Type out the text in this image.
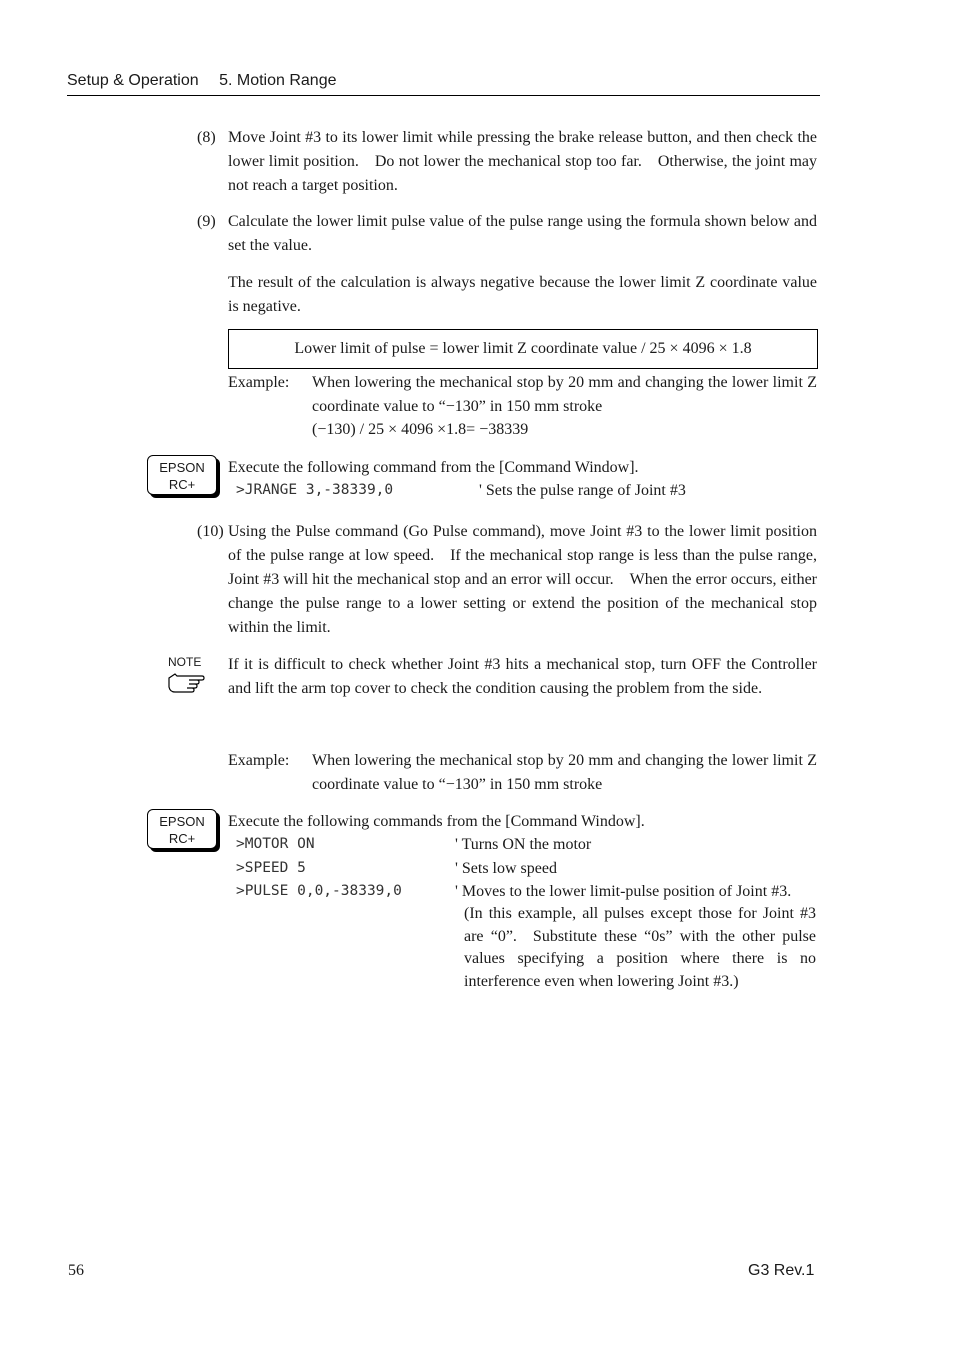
Setup & Operation 5. Motion Range
(8) Move Joint #3 to its lower limit while pressing the brake release button, and then check the lower limit position. Do not lower the mechanical stop too far. Otherwise, the joint may not reach a target position.

(9) Calculate the lower limit pulse value of the pulse range using the formula shown below and set the value.

The result of the calculation is always negative because the lower limit Z coordinate value is negative.

Lower limit of pulse = lower limit Z coordinate value / 25 × 4096 × 1.8
Example: When lowering the mechanical stop by 20 mm and changing the lower limit Z coordinate value to “−130” in 150 mm stroke

(−130) / 25 × 4096 ×1.8= −38339
EPSON
RC+
Execute the following command from the [Command Window].
>JRANGE 3,-38339,0	' Sets the pulse range of Joint #3
(10) Using the Pulse command (Go Pulse command), move Joint #3 to the lower limit position of the pulse range at low speed. If the mechanical stop range is less than the pulse range, Joint #3 will hit the mechanical stop and an error will occur. When the error occurs, either change the pulse range to a lower setting or extend the position of the mechanical stop within the limit.

NOTE If it is difficult to check whether Joint #3 hits a mechanical stop, turn OFF the Controller and lift the arm top cover to check the condition causing the problem from the side.

Example: When lowering the mechanical stop by 20 mm and changing the lower limit Z coordinate value to “−130” in 150 mm stroke

EPSON
RC+
Execute the following commands from the [Command Window].
>MOTOR ON	' Turns ON the motor
>SPEED 5	' Sets low speed
>PULSE 0,0,-38339,0	' Moves to the lower limit-pulse position of Joint #3.

(In this example, all pulses except those for Joint #3 are “0”. Substitute these “0s” with the other pulse values specifying a position where there is no interference even when lowering Joint #3.)

56	G3 Rev.1
